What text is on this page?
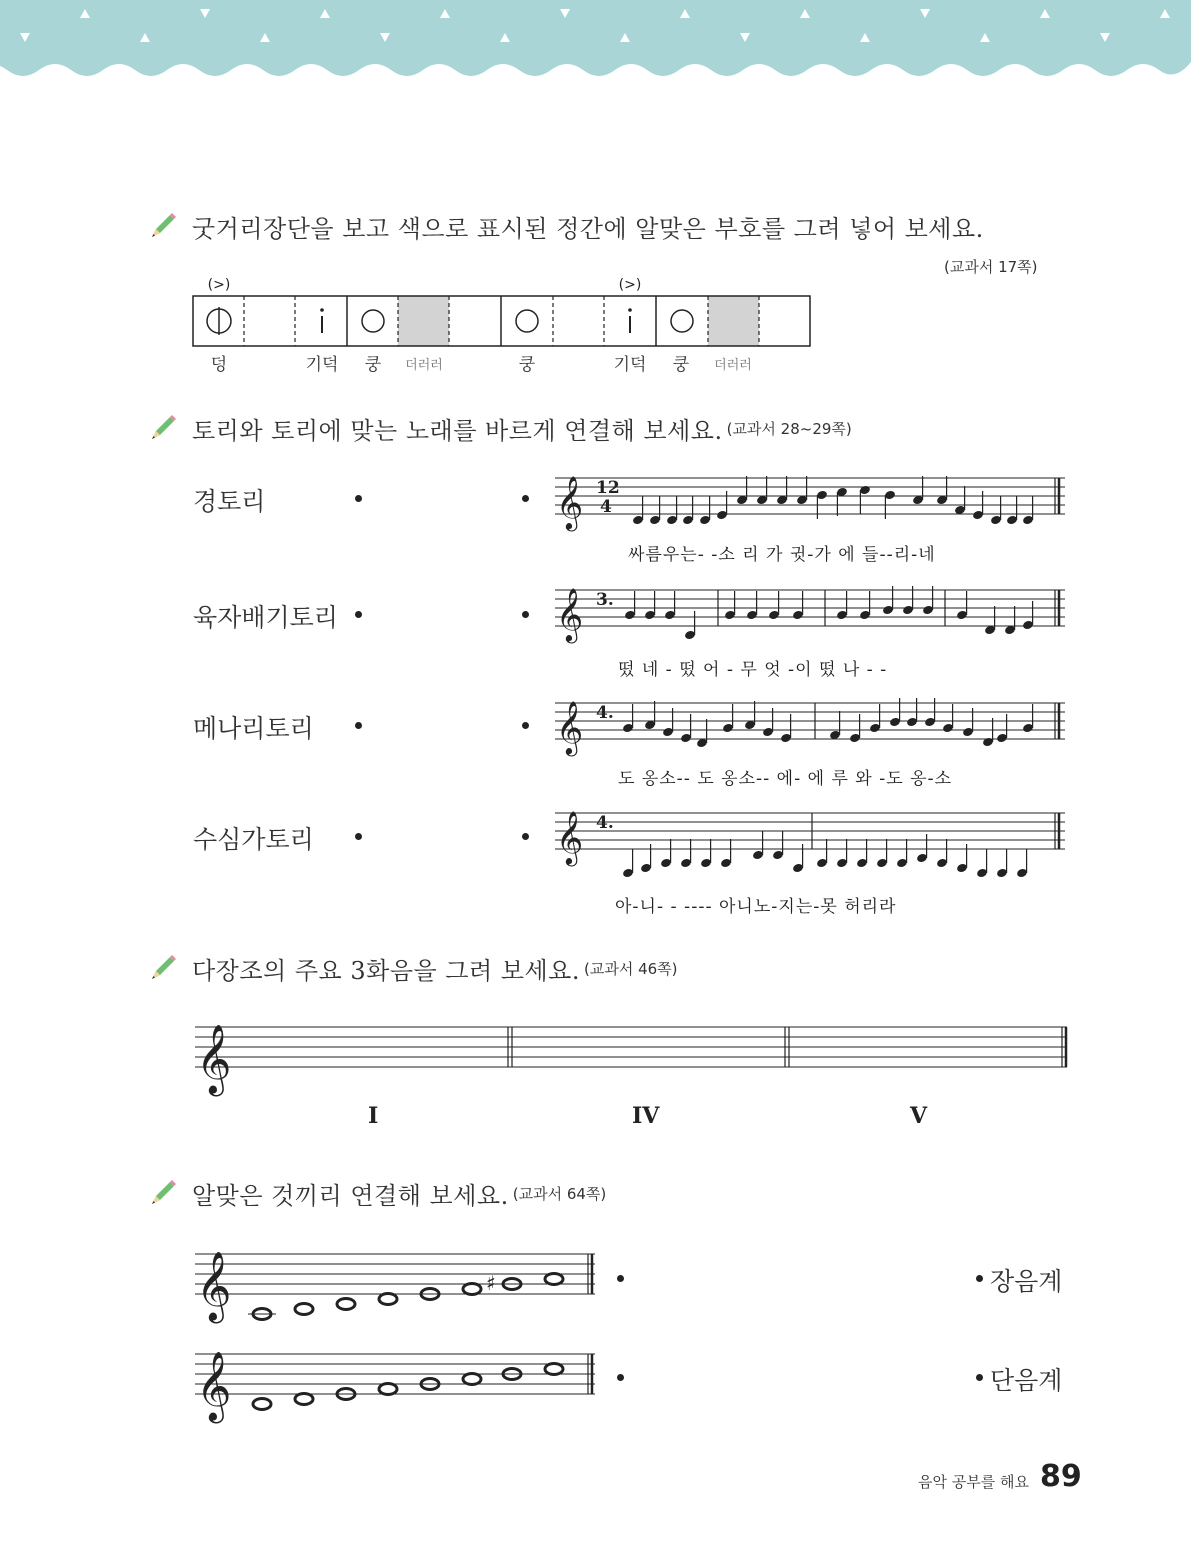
굿거리장단을 보고 색으로 표시된 정간에 알맞은 부호를 그려 넣어 보세요.
(교과서 17쪽)
(>)	(>)
덩	기덕	쿵	더러러	쿵	기덕	쿵	더러러
토리와 토리에 맞는 노래를 바르게 연결해 보세요. (교과서 28~29쪽)
경토리
육자배기토리
메나리토리
수심가토리
𝄞 12
4
𝄞 3.
𝄞 4.
𝄞 4.
싸름우는- -소 리 가 귓-가 에 들--리-네
떴 네 - 떴 어 - 무 엇 -이 떴 나 - -
도 옹소-- 도 옹소-- 에- 에 루 와 -도 옹-소
아-니- - ---- 아니노-지는-못 허리라
다장조의 주요 3화음을 그려 보세요. (교과서 46쪽)
𝄞
I	IV	V
알맞은 것끼리 연결해 보세요. (교과서 64쪽)
𝄞	♯
𝄞
장음계
단음계
음악 공부를 해요 89
